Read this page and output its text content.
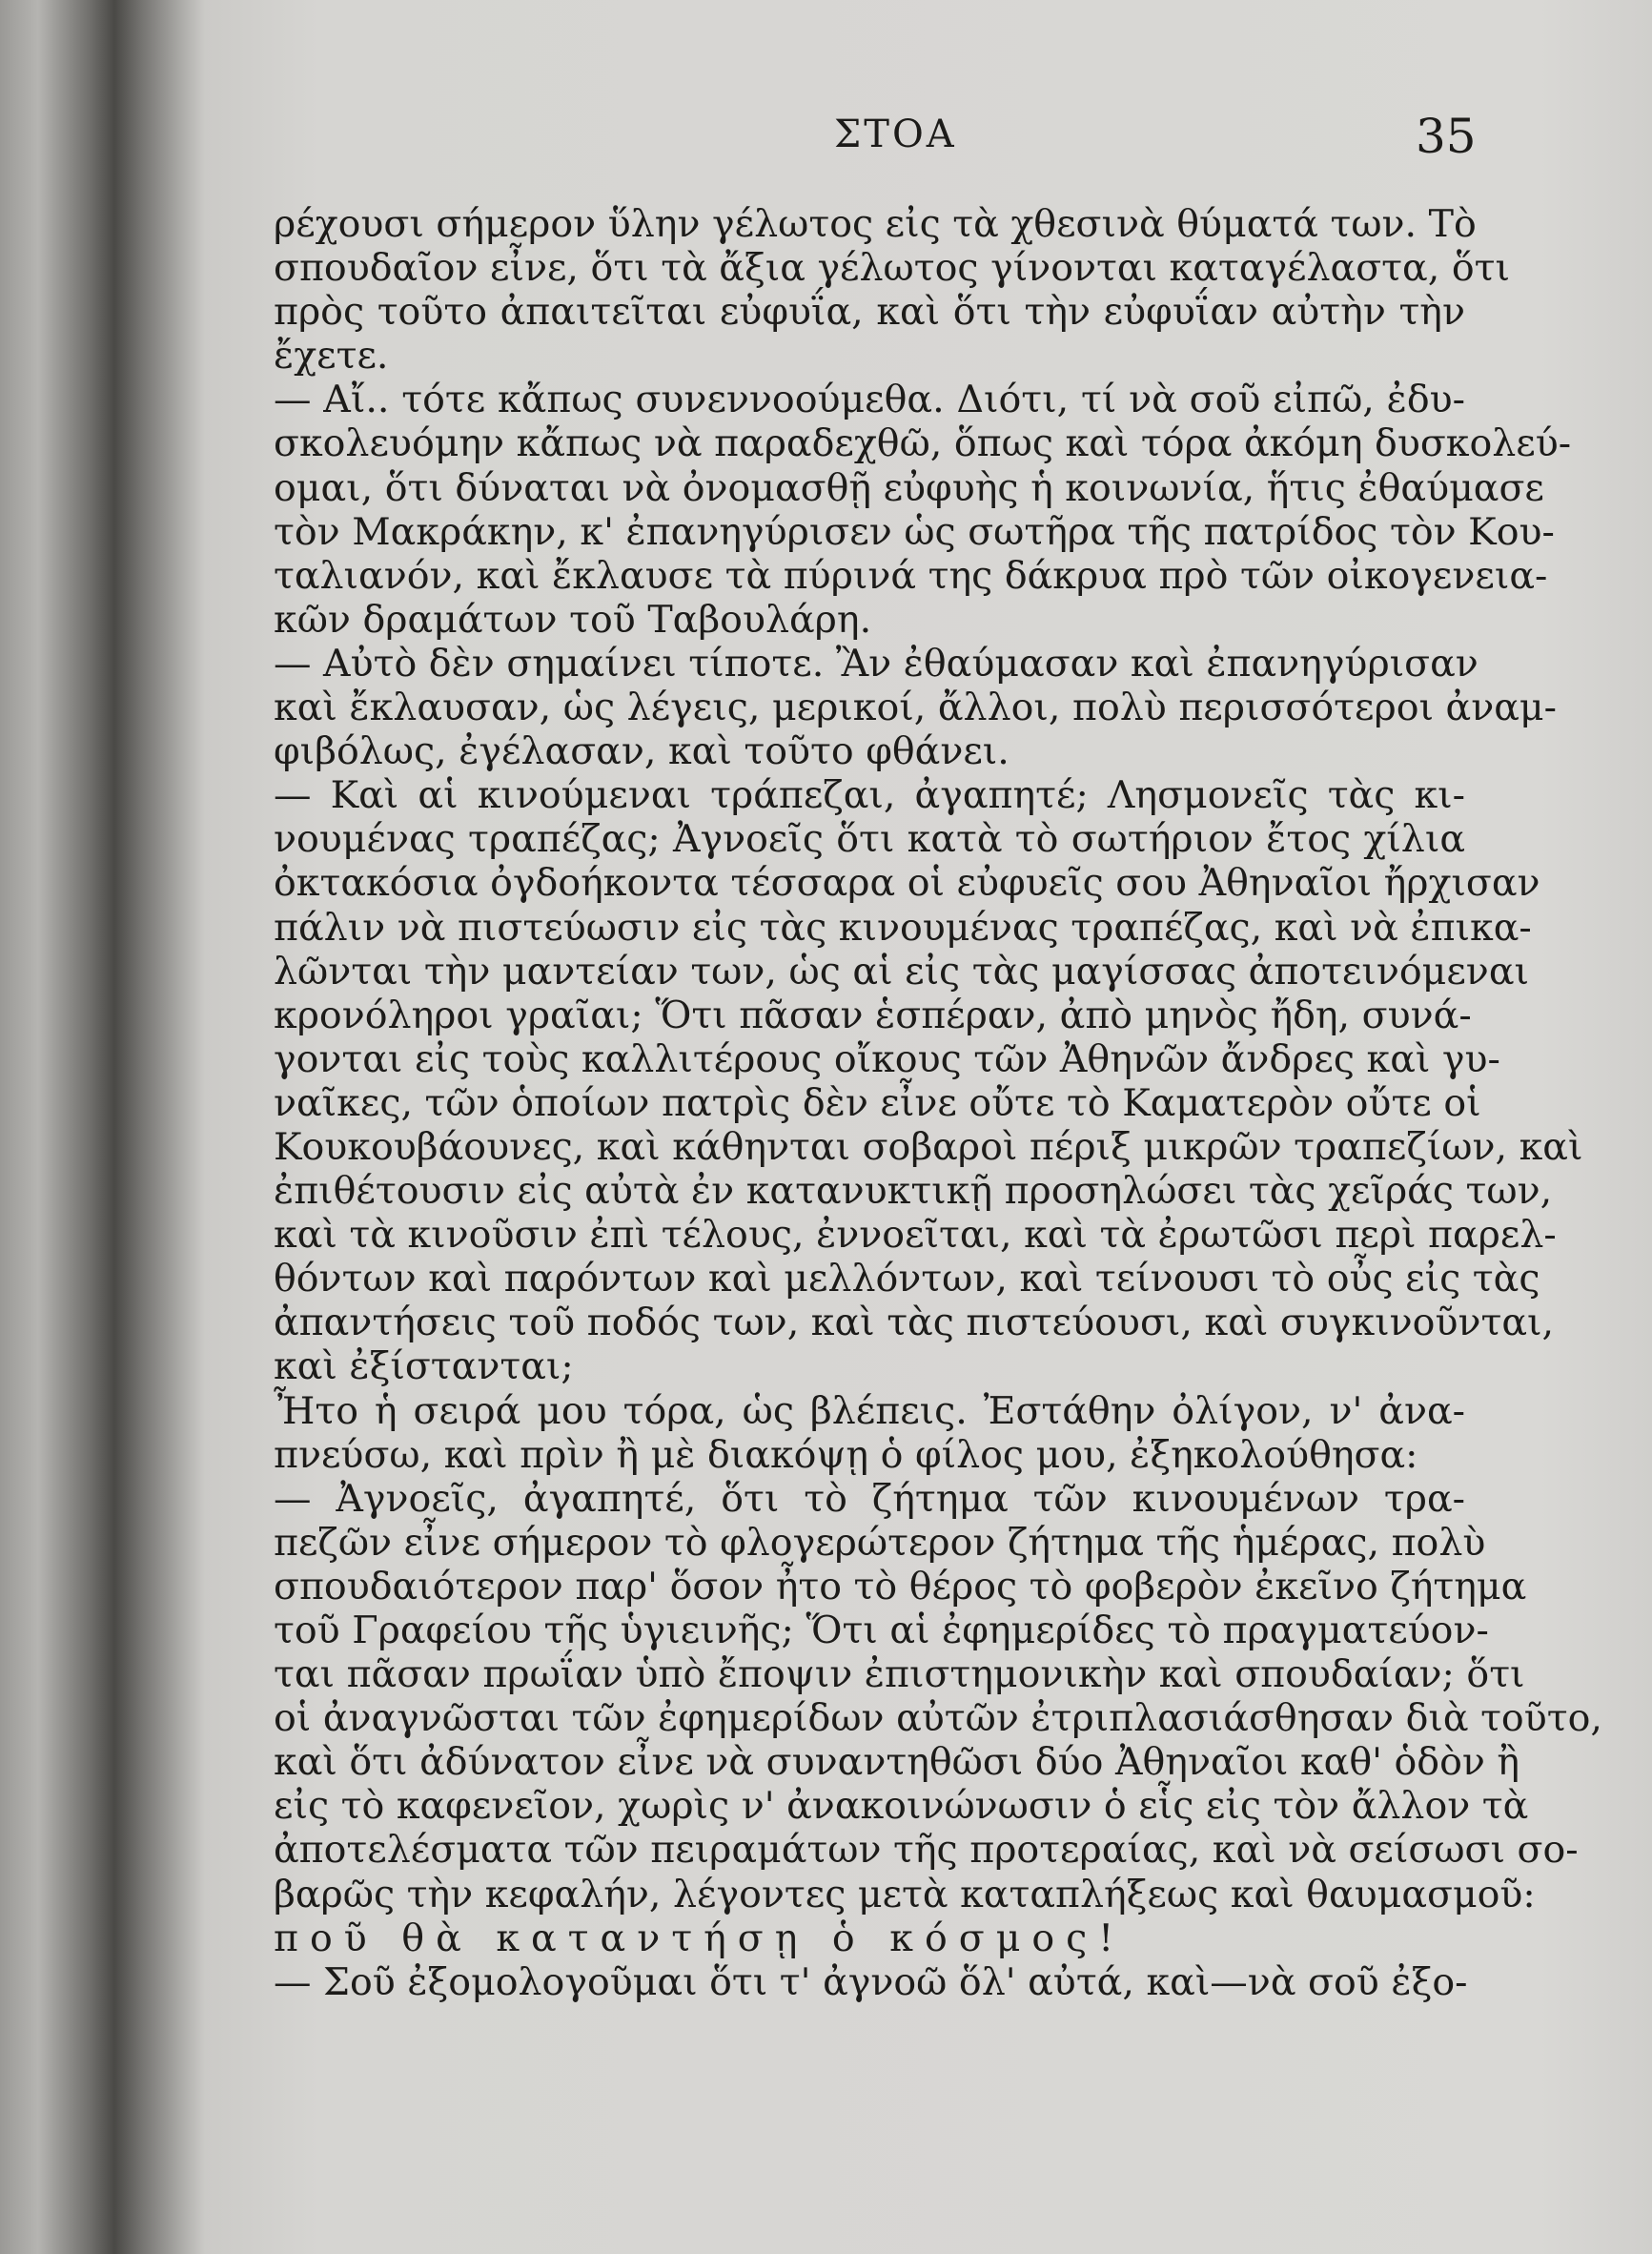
ΣΤΟΑ	35
ρέχουσι σήμερον ὕλην γέλωτος εἰς τὰ χθεσινὰ θύματά των. Τὸ
σπουδαῖον εἶνε, ὅτι τὰ ἄξια γέλωτος γίνονται καταγέλαστα, ὅτι
πρὸς τοῦτο ἀπαιτεῖται εὐφυΐα, καὶ ὅτι τὴν εὐφυΐαν αὐτὴν τὴν
ἔχετε.
— Αἴ.. τότε κἄπως συνεννοούμεθα. Διότι, τί νὰ σοῦ εἰπῶ, ἐδυ-
σκολευόμην κἄπως νὰ παραδεχθῶ, ὅπως καὶ τόρα ἀκόμη δυσκολεύ-
ομαι, ὅτι δύναται νὰ ὀνομασθῇ εὐφυὴς ἡ κοινωνία, ἥτις ἐθαύμασε
τὸν Μακράκην, κ' ἐπανηγύρισεν ὡς σωτῆρα τῆς πατρίδος τὸν Κου-
ταλιανόν, καὶ ἔκλαυσε τὰ πύρινά της δάκρυα πρὸ τῶν οἰκογενεια-
κῶν δραμάτων τοῦ Ταβουλάρη.
— Αὐτὸ δὲν σημαίνει τίποτε. Ἂν ἐθαύμασαν καὶ ἐπανηγύρισαν
καὶ ἔκλαυσαν, ὡς λέγεις, μερικοί, ἄλλοι, πολὺ περισσότεροι ἀναμ-
φιβόλως, ἐγέλασαν, καὶ τοῦτο φθάνει.
— Καὶ αἱ κινούμεναι τράπεζαι, ἀγαπητέ; Λησμονεῖς τὰς κι-
νουμένας τραπέζας; Ἀγνοεῖς ὅτι κατὰ τὸ σωτήριον ἔτος χίλια
ὀκτακόσια ὀγδοήκοντα τέσσαρα οἱ εὐφυεῖς σου Ἀθηναῖοι ἤρχισαν
πάλιν νὰ πιστεύωσιν εἰς τὰς κινουμένας τραπέζας, καὶ νὰ ἐπικα-
λῶνται τὴν μαντείαν των, ὡς αἱ εἰς τὰς μαγίσσας ἀποτεινόμεναι
κρονόληροι γραῖαι; Ὅτι πᾶσαν ἑσπέραν, ἀπὸ μηνὸς ἤδη, συνά-
γονται εἰς τοὺς καλλιτέρους οἴκους τῶν Ἀθηνῶν ἄνδρες καὶ γυ-
ναῖκες, τῶν ὁποίων πατρὶς δὲν εἶνε οὔτε τὸ Καματερὸν οὔτε οἱ
Κουκουβάουνες, καὶ κάθηνται σοβαροὶ πέριξ μικρῶν τραπεζίων, καὶ
ἐπιθέτουσιν εἰς αὐτὰ ἐν κατανυκτικῇ προσηλώσει τὰς χεῖράς των,
καὶ τὰ κινοῦσιν ἐπὶ τέλους, ἐννοεῖται, καὶ τὰ ἐρωτῶσι περὶ παρελ-
θόντων καὶ παρόντων καὶ μελλόντων, καὶ τείνουσι τὸ οὖς εἰς τὰς
ἀπαντήσεις τοῦ ποδός των, καὶ τὰς πιστεύουσι, καὶ συγκινοῦνται,
καὶ ἐξίστανται;
Ἦτο ἡ σειρά μου τόρα, ὡς βλέπεις. Ἐστάθην ὀλίγον, ν' ἀνα-
πνεύσω, καὶ πρὶν ἢ μὲ διακόψῃ ὁ φίλος μου, ἐξηκολούθησα:
— Ἀγνοεῖς, ἀγαπητέ, ὅτι τὸ ζήτημα τῶν κινουμένων τρα-
πεζῶν εἶνε σήμερον τὸ φλογερώτερον ζήτημα τῆς ἡμέρας, πολὺ
σπουδαιότερον παρ' ὅσον ἦτο τὸ θέρος τὸ φοβερὸν ἐκεῖνο ζήτημα
τοῦ Γραφείου τῆς ὑγιεινῆς; Ὅτι αἱ ἐφημερίδες τὸ πραγματεύον-
ται πᾶσαν πρωΐαν ὑπὸ ἔποψιν ἐπιστημονικὴν καὶ σπουδαίαν; ὅτι
οἱ ἀναγνῶσται τῶν ἐφημερίδων αὐτῶν ἐτριπλασιάσθησαν διὰ τοῦτο,
καὶ ὅτι ἀδύνατον εἶνε νὰ συναντηθῶσι δύο Ἀθηναῖοι καθ' ὁδὸν ἢ
εἰς τὸ καφενεῖον, χωρὶς ν' ἀνακοινώνωσιν ὁ εἷς εἰς τὸν ἄλλον τὰ
ἀποτελέσματα τῶν πειραμάτων τῆς προτεραίας, καὶ νὰ σείσωσι σο-
βαρῶς τὴν κεφαλήν, λέγοντες μετὰ καταπλήξεως καὶ θαυμασμοῦ:
ποῦ θὰ καταντήσῃ ὁ κόσμος!
— Σοῦ ἐξομολογοῦμαι ὅτι τ' ἀγνοῶ ὅλ' αὐτά, καὶ—νὰ σοῦ ἐξο-
